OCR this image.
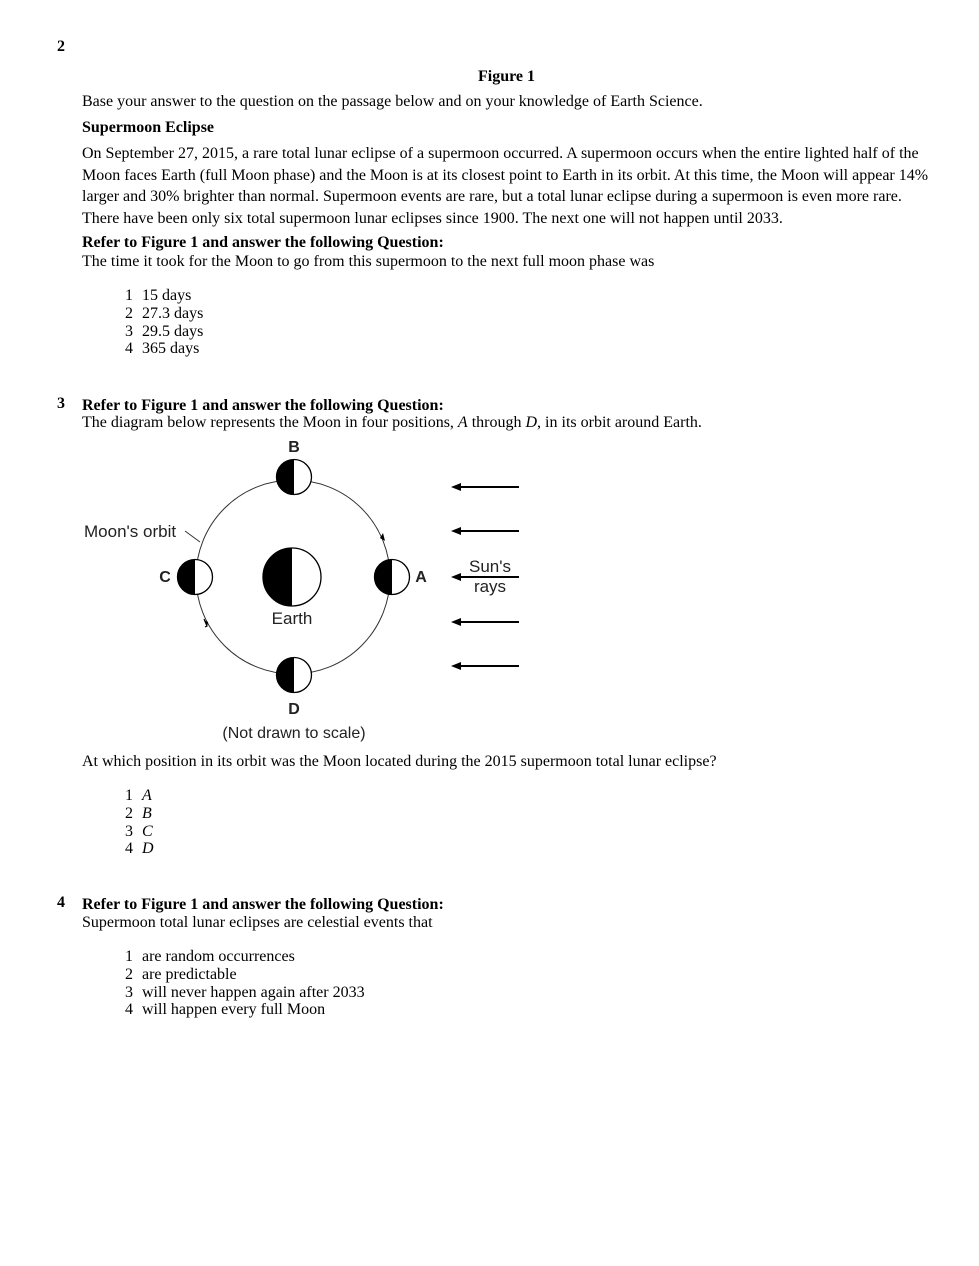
2
Figure 1
Base your answer to the question on the passage below and on your knowledge of Earth Science.
Supermoon Eclipse
On September 27, 2015, a rare total lunar eclipse of a supermoon occurred. A supermoon occurs when the entire lighted half of the Moon faces Earth (full Moon phase) and the Moon is at its closest point to Earth in its orbit. At this time, the Moon will appear 14% larger and 30% brighter than normal. Supermoon events are rare, but a total lunar eclipse during a supermoon is even more rare. There have been only six total supermoon lunar eclipses since 1900. The next one will not happen until 2033.
Refer to Figure 1 and answer the following Question:
The time it took for the Moon to go from this supermoon to the next full moon phase was
1 15 days
2 27.3 days
3 29.5 days
4 365 days
3 Refer to Figure 1 and answer the following Question:
The diagram below represents the Moon in four positions, A through D, in its orbit around Earth.
Earth
B
A
C
D
Moon's orbit
Sun's
rays
(Not drawn to scale)
At which position in its orbit was the Moon located during the 2015 supermoon total lunar eclipse?
1 A
2 B
3 C
4 D
4 Refer to Figure 1 and answer the following Question:
Supermoon total lunar eclipses are celestial events that
1 are random occurrences
2 are predictable
3 will never happen again after 2033
4 will happen every full Moon
